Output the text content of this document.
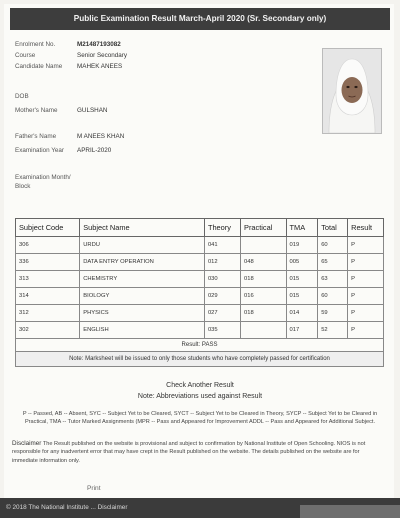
Public Examination Result March-April 2020 (Sr. Secondary only)
Enrolment No.	M21487193082
Course	Senior Secondary
Candidate Name	MAHEK ANEES
DOB
Mother's Name	GULSHAN
Father's Name	M ANEES KHAN
Examination Year	APRIL-2020
Examination Month/ Block
Subject Code	Subject Name	Theory	Practical	TMA	Total	Result
306	URDU	041		019	60	P
336	DATA ENTRY OPERATION	012	048	005	65	P
313	CHEMISTRY	030	018	015	63	P
314	BIOLOGY	029	016	015	60	P
312	PHYSICS	027	018	014	59	P
302	ENGLISH	035		017	52	P
Result: PASS						
Note: Marksheet will be issued to only those students who have completely passed for certification						
Check Another Result
Note: Abbreviations used against Result
P -- Passed, AB -- Absent, SYC -- Subject Yet to be Cleared, SYCT -- Subject Yet to be Cleared in Theory, SYCP -- Subject Yet to be Cleared in Practical, TMA -- Tutor Marked Assignments (MPR -- Pass and Appeared for Improvement ADDL -- Pass and Appeared for Additional Subject.
Disclaimer The Result published on the website is provisional and subject to confirmation by National Institute of Open Schooling. NIOS is not responsible for any inadvertent error that may have crept in the Result published on the website. The details published on the website are for immediate information only.
Print
© 2018 The National Institute ... Disclaimer
